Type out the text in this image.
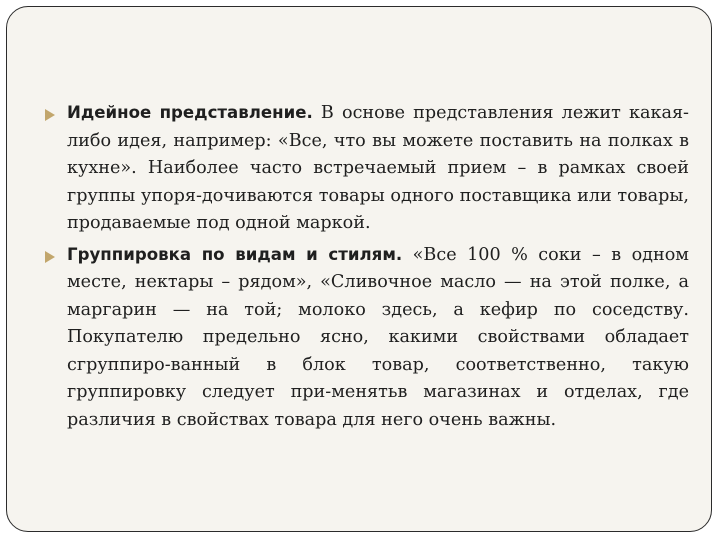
Идейное представление. В основе представления лежит какая-либо идея, например: «Все, что вы можете поставить на полках в кухне». Наиболее часто встречаемый прием – в рамках своей группы упоря-дочиваются товары одного поставщика или товары, продаваемые под одной маркой.

Группировка по видам и стилям. «Все 100 % соки – в одном месте, нектары – рядом», «Сливочное масло — на этой полке, а маргарин — на той; молоко здесь, а кефир по соседству. Покупателю предельно ясно, какими свойствами обладает сгруппиро-ванный в блок товар, соответственно, такую группировку следует при-менятьв магазинах и отделах, где различия в свойствах товара для него очень важны.
